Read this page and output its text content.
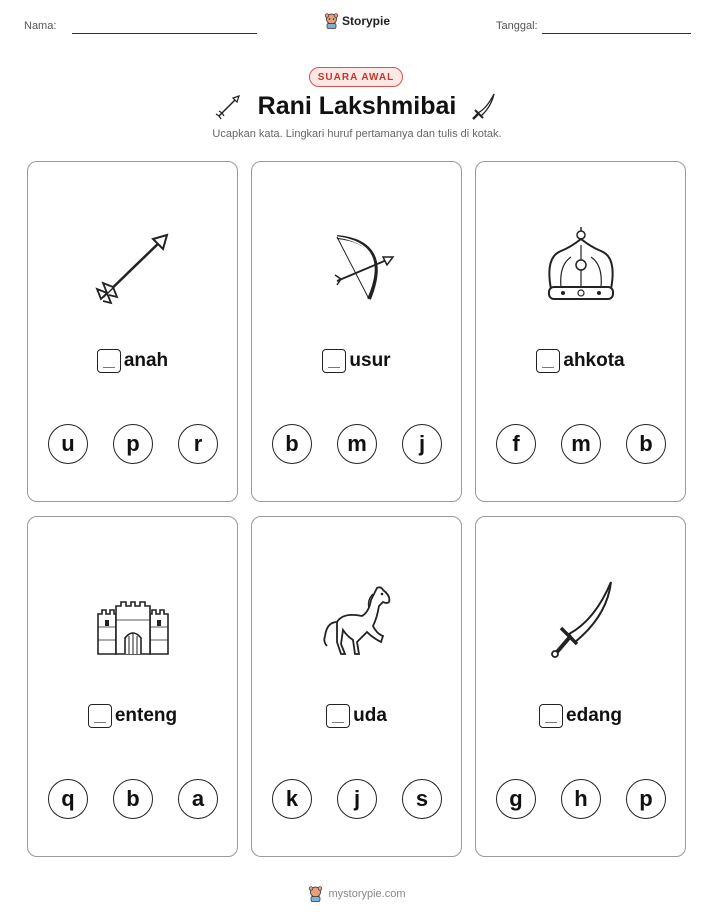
Nama:	Storypie	Tanggal:
SUARA AWAL
Rani Lakshmibai
Ucapkan kata. Lingkari huruf pertamanya dan tulis di kotak.
anah
u	p	r
usur
b	m	j
ahkota
f	m	b
enteng
q	b	a
uda
k	j	s
edang
g	h	p
mystorypie.com
